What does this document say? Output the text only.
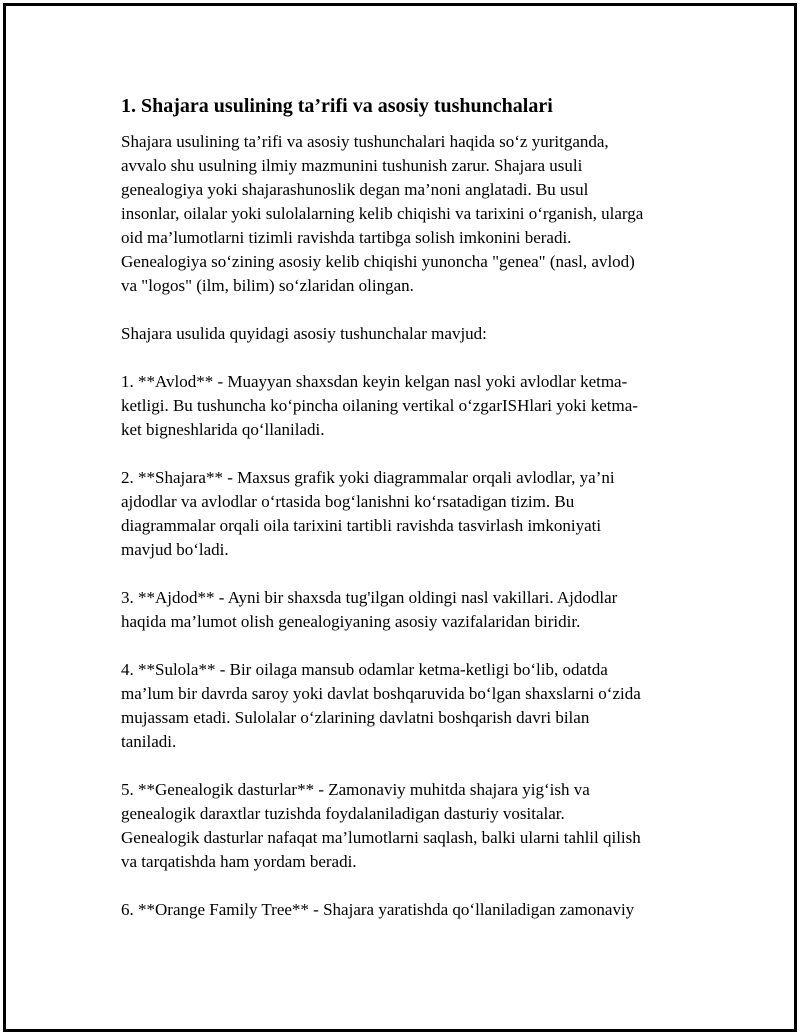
1. Shajara usulining ta’rifi va asosiy tushunchalari
Shajara usulining ta’rifi va asosiy tushunchalari haqida so‘z yuritganda,
avvalo shu usulning ilmiy mazmunini tushunish zarur. Shajara usuli
genealogiya yoki shajarashunoslik degan ma’noni anglatadi. Bu usul
insonlar, oilalar yoki sulolalarning kelib chiqishi va tarixini o‘rganish, ularga
oid ma’lumotlarni tizimli ravishda tartibga solish imkonini beradi.
Genealogiya so‘zining asosiy kelib chiqishi yunoncha "genea" (nasl, avlod)
va "logos" (ilm, bilim) so‘zlaridan olingan.
Shajara usulida quyidagi asosiy tushunchalar mavjud:
1. **Avlod** - Muayyan shaxsdan keyin kelgan nasl yoki avlodlar ketma-
ketligi. Bu tushuncha ko‘pincha oilaning vertikal o‘zgarISHlari yoki ketma-
ket bigneshlarida qo‘llaniladi.
2. **Shajara** - Maxsus grafik yoki diagrammalar orqali avlodlar, ya’ni
ajdodlar va avlodlar o‘rtasida bog‘lanishni ko‘rsatadigan tizim. Bu
diagrammalar orqali oila tarixini tartibli ravishda tasvirlash imkoniyati
mavjud bo‘ladi.
3. **Ajdod** - Ayni bir shaxsda tug'ilgan oldingi nasl vakillari. Ajdodlar
haqida ma’lumot olish genealogiyaning asosiy vazifalaridan biridir.
4. **Sulola** - Bir oilaga mansub odamlar ketma-ketligi bo‘lib, odatda
ma’lum bir davrda saroy yoki davlat boshqaruvida bo‘lgan shaxslarni o‘zida
mujassam etadi. Sulolalar o‘zlarining davlatni boshqarish davri bilan
taniladi.
5. **Genealogik dasturlar** - Zamonaviy muhitda shajara yig‘ish va
genealogik daraxtlar tuzishda foydalaniladigan dasturiy vositalar.
Genealogik dasturlar nafaqat ma’lumotlarni saqlash, balki ularni tahlil qilish
va tarqatishda ham yordam beradi.
6. **Orange Family Tree** - Shajara yaratishda qo‘llaniladigan zamonaviy
